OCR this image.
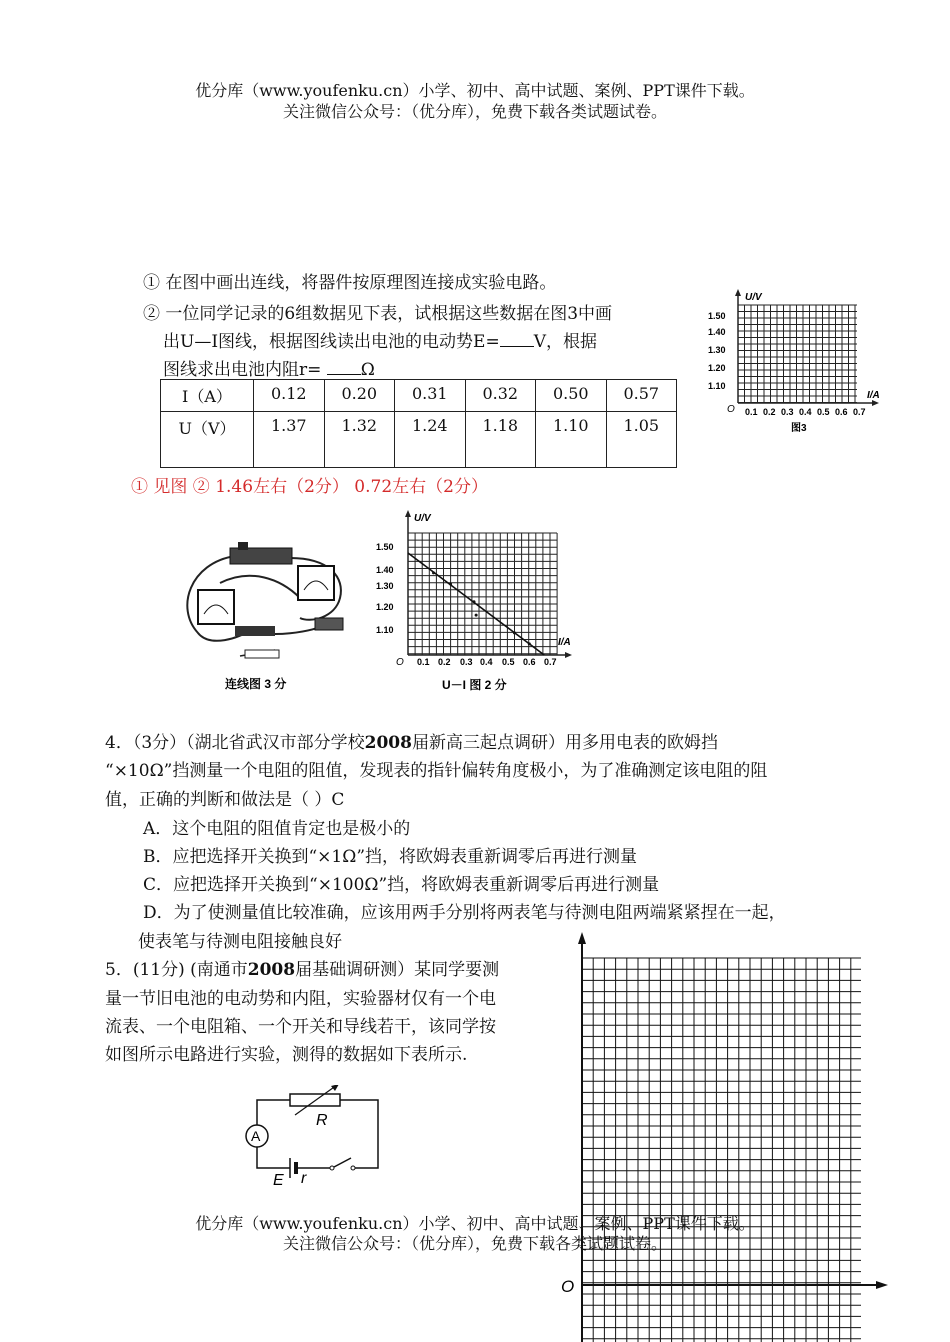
优分库（www.youfenku.cn）小学、初中、高中试题、案例、PPT课件下载。
关注微信公众号：（优分库），免费下载各类试题试卷。
① 在图中画出连线，将器件按原理图连接成实验电路。
② 一位同学记录的6组数据见下表，试根据这些数据在图3中画
出U—I图线，根据图线读出电池的电动势E= V，根据
图线求出电池内阻r= Ω
I（A）	0.12	0.20	0.31	0.32	0.50	0.57
U（V）	1.37	1.32	1.24	1.18	1.10	1.05
① 见图 ② 1.46左右（2分） 0.72左右（2分）
U/V
I/A
O
1.50
1.40
1.30
1.20
1.10
0.1 0.2 0.3 0.4 0.5 0.6 0.7
图3
连线图 3 分
U/V
I/A
O
1.50
1.40
1.30
1.20
1.10
0.1 0.2 0.3 0.4 0.5 0.6 0.7
U－I 图 2 分
4．（3分）（湖北省武汉市部分学校2008届新高三起点调研）用多用电表的欧姆挡
“×10Ω”挡测量一个电阻的阻值，发现表的指针偏转角度极小，为了准确测定该电阻的阻
值，正确的判断和做法是（ ）C
A．这个电阻的阻值肯定也是极小的
B．应把选择开关换到“×1Ω”挡，将欧姆表重新调零后再进行测量
C．应把选择开关换到“×100Ω”挡，将欧姆表重新调零后再进行测量
D．为了使测量值比较准确，应该用两手分别将两表笔与待测电阻两端紧紧捏在一起，
使表笔与待测电阻接触良好
5．(11分) (南通市2008届基础调研测）某同学要测
量一节旧电池的电动势和内阻，实验器材仅有一个电
流表、一个电阻箱、一个开关和导线若干，该同学按
如图所示电路进行实验，测得的数据如下表所示.
A
R
E r
O
优分库（www.youfenku.cn）小学、初中、高中试题、案例、PPT课件下载。
关注微信公众号：（优分库），免费下载各类试题试卷。
